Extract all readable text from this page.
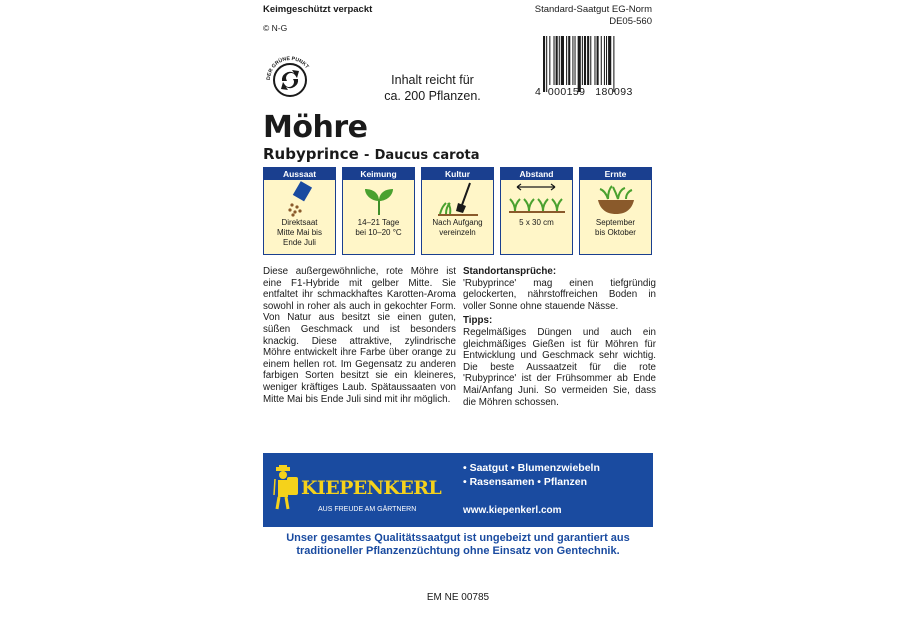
Keimgeschützt verpackt
© N-G
Standard-Saatgut EG-Norm
DE05-560
DER GRÜNE PUNKT
Inhalt reicht für
ca. 200 Pflanzen.	4 000159 180093
Möhre
Rubyprince - Daucus carota
Aussaat
Direktsaat
Mitte Mai bis
Ende Juli
Keimung
14–21 Tage
bei 10–20 °C
Kultur
Nach Aufgang
vereinzeln
Abstand
5 x 30 cm
Ernte
September
bis Oktober

Diese außergewöhnliche, rote Möhre ist eine F1-Hybride mit gelber Mitte. Sie entfaltet ihr schmackhaftes Karotten-Aroma sowohl in roher als auch in gekochter Form. Von Natur aus besitzt sie einen guten, süßen Geschmack und ist besonders knackig. Diese attraktive, zylindrische Möhre entwickelt ihre Farbe über orange zu einem hellen rot. Im Gegensatz zu anderen farbigen Sorten besitzt sie ein kleineres, weniger kräftiges Laub. Spätaussaaten von Mitte Mai bis Ende Juli sind mit ihr möglich.

Standortansprüche:

'Rubyprince' mag einen tiefgründig gelockerten, nährstoffreichen Boden in voller Sonne ohne stauende Nässe.

Tipps:

Regelmäßiges Düngen und auch ein gleichmäßiges Gießen ist für Möhren für Entwicklung und Geschmack sehr wichtig. Die beste Aussaatzeit für die rote 'Rubyprince' ist der Frühsommer ab Ende Mai/Anfang Juni. So vermeiden Sie, dass die Möhren schossen.

KIEPENKERL
AUS FREUDE AM GÄRTNERN
• Saatgut • Blumenzwiebeln
• Rasensamen • Pflanzen
www.kiepenkerl.com
Unser gesamtes Qualitätssaatgut ist ungebeizt und garantiert aus
traditioneller Pflanzenzüchtung ohne Einsatz von Gentechnik.
EM NE 00785
